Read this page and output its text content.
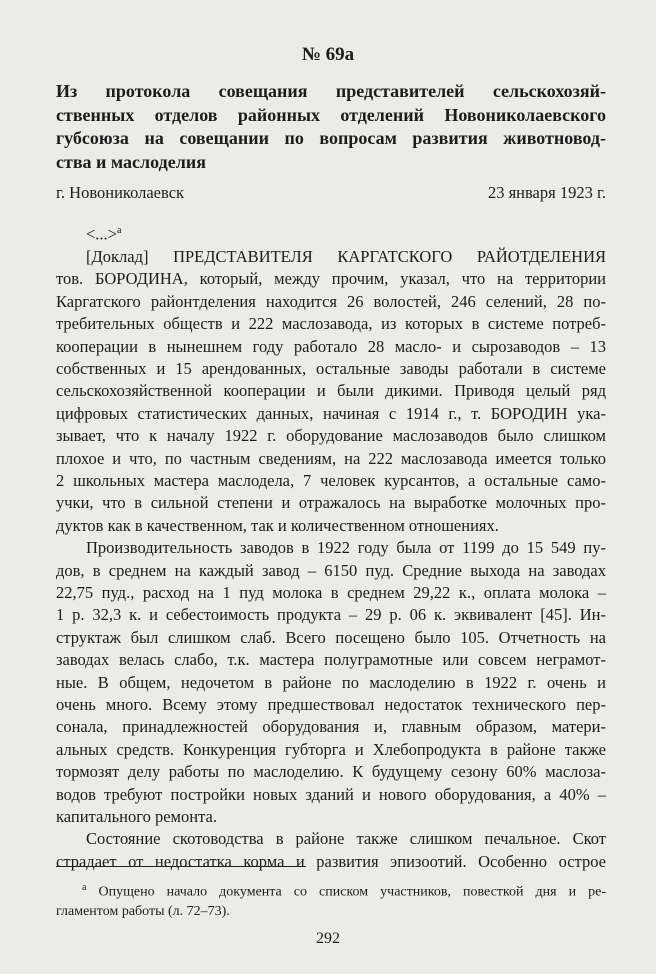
№ 69а
Из протокола совещания представителей сельскохозяй-
ственных отделов районных отделений Новониколаевского
губсоюза на совещании по вопросам развития животновод-
ства и маслоделия
г. Новониколаевск	23 января 1923 г.
<...>$^а$
[Доклад] ПРЕДСТАВИТЕЛЯ КАРГАТСКОГО РАЙОТДЕЛЕНИЯ
тов. БОРОДИНА, который, между прочим, указал, что на территории
Каргатского районтделения находится 26 волостей, 246 селений, 28 по-
требительных обществ и 222 маслозавода, из которых в системе потреб-
кооперации в нынешнем году работало 28 масло- и сырозаводов – 13
собственных и 15 арендованных, остальные заводы работали в системе
сельскохозяйственной кооперации и были дикими. Приводя целый ряд
цифровых статистических данных, начиная с 1914 г., т. БОРОДИН ука-
зывает, что к началу 1922 г. оборудование маслозаводов было слишком
плохое и что, по частным сведениям, на 222 маслозавода имеется только
2 школьных мастера маслодела, 7 человек курсантов, а остальные само-
учки, что в сильной степени и отражалось на выработке молочных про-
дуктов как в качественном, так и количественном отношениях.
Производительность заводов в 1922 году была от 1199 до 15 549 пу-
дов, в среднем на каждый завод – 6150 пуд. Средние выхода на заводах
22,75 пуд., расход на 1 пуд молока в среднем 29,22 к., оплата молока –
1 р. 32,3 к. и себестоимость продукта – 29 р. 06 к. эквивалент [45]. Ин-
структаж был слишком слаб. Всего посещено было 105. Отчетность на
заводах велась слабо, т.к. мастера полуграмотные или совсем неграмот-
ные. В общем, недочетом в районе по маслоделию в 1922 г. очень и
очень много. Всему этому предшествовал недостаток технического пер-
сонала, принадлежностей оборудования и, главным образом, матери-
альных средств. Конкуренция губторга и Хлебопродукта в районе также
тормозят делу работы по маслоделию. К будущему сезону 60% маслоза-
водов требуют постройки новых зданий и нового оборудования, а 40% –
капитального ремонта.
Состояние скотоводства в районе также слишком печальное. Скот
страдает от недостатка корма и развития эпизоотий. Особенно острое
$^а$ Опущено начало документа со списком участников, повесткой дня и ре-
гламентом работы (л. 72–73).
292
